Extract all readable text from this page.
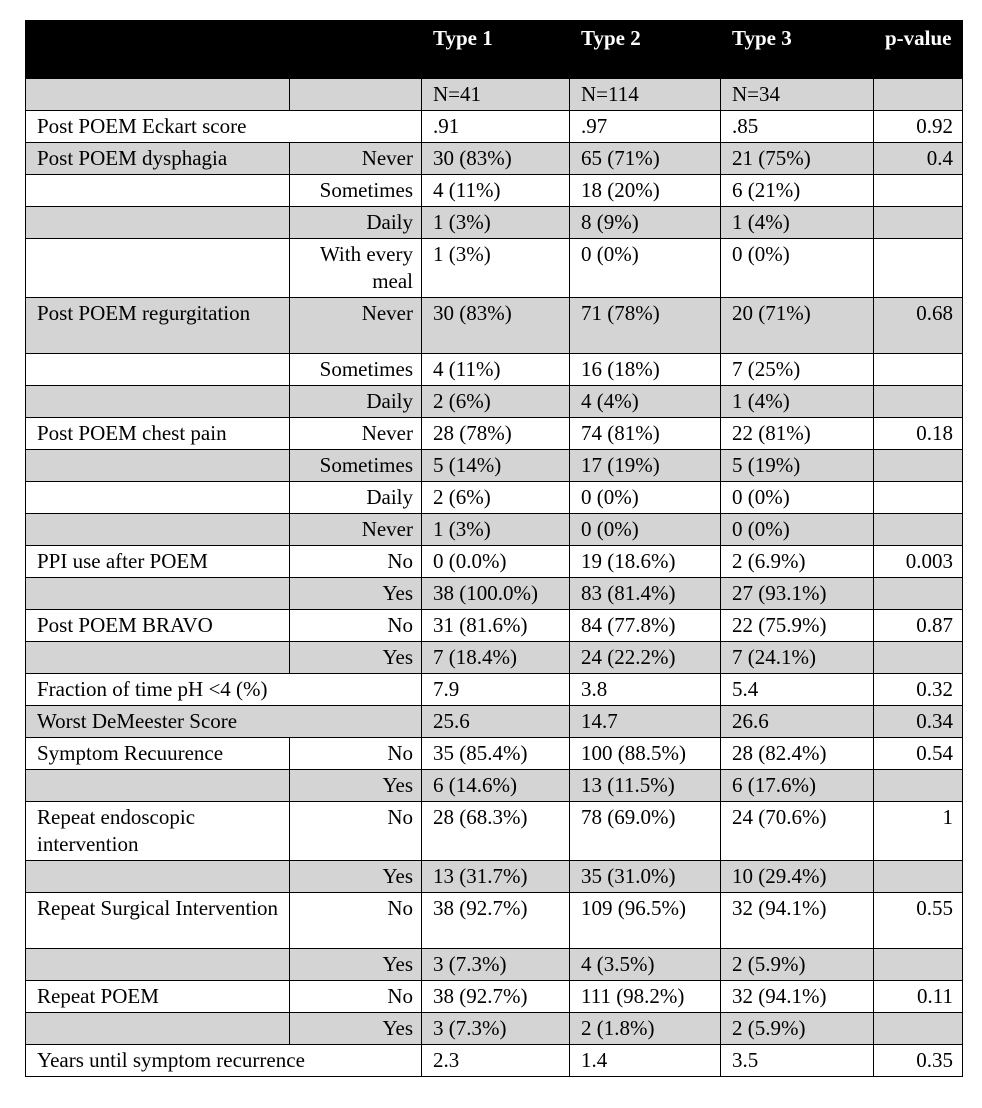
		Type 1	Type 2	Type 3	p-value
		N=41	N=114	N=34	
Post POEM Eckart score		.91	.97	.85	0.92
Post POEM dysphagia	Never	30 (83%)	65 (71%)	21 (75%)	0.4
	Sometimes	4 (11%)	18 (20%)	6 (21%)	
	Daily	1 (3%)	8 (9%)	1 (4%)	
	With every meal	1 (3%)	0 (0%)	0 (0%)	
Post POEM regurgitation	Never	30 (83%)	71 (78%)	20 (71%)	0.68
	Sometimes	4 (11%)	16 (18%)	7 (25%)	
	Daily	2 (6%)	4 (4%)	1 (4%)	
Post POEM chest pain	Never	28 (78%)	74 (81%)	22 (81%)	0.18
	Sometimes	5 (14%)	17 (19%)	5 (19%)	
	Daily	2 (6%)	0 (0%)	0 (0%)	
	Never	1 (3%)	0 (0%)	0 (0%)	
PPI use after POEM	No	0 (0.0%)	19 (18.6%)	2 (6.9%)	0.003
	Yes	38 (100.0%)	83 (81.4%)	27 (93.1%)	
Post POEM BRAVO	No	31 (81.6%)	84 (77.8%)	22 (75.9%)	0.87
	Yes	7 (18.4%)	24 (22.2%)	7 (24.1%)	
Fraction of time pH <4 (%)		7.9	3.8	5.4	0.32
Worst DeMeester Score		25.6	14.7	26.6	0.34
Symptom Recuurence	No	35 (85.4%)	100 (88.5%)	28 (82.4%)	0.54
	Yes	6 (14.6%)	13 (11.5%)	6 (17.6%)	
Repeat endoscopic intervention	No	28 (68.3%)	78 (69.0%)	24 (70.6%)	1
	Yes	13 (31.7%)	35 (31.0%)	10 (29.4%)	
Repeat Surgical Intervention	No	38 (92.7%)	109 (96.5%)	32 (94.1%)	0.55
	Yes	3 (7.3%)	4 (3.5%)	2 (5.9%)	
Repeat POEM	No	38 (92.7%)	111 (98.2%)	32 (94.1%)	0.11
	Yes	3 (7.3%)	2 (1.8%)	2 (5.9%)	
Years until symptom recurrence		2.3	1.4	3.5	0.35
